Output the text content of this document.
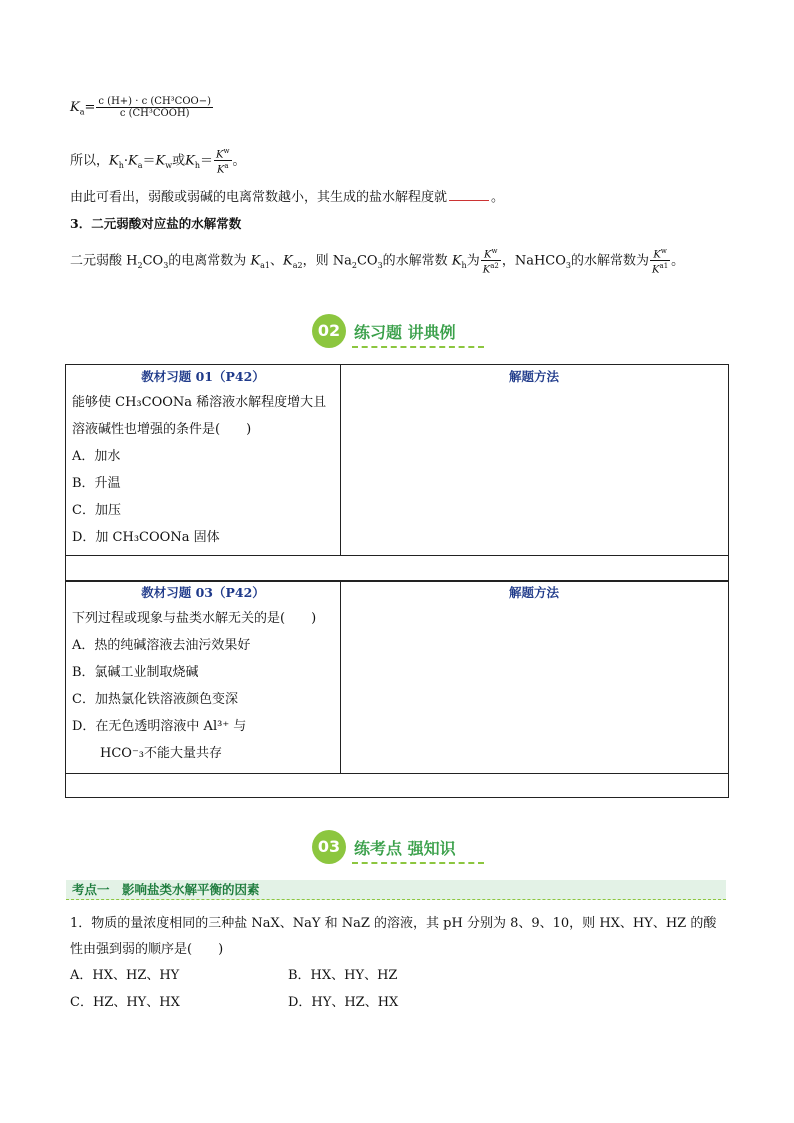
$K_a= \frac{\text{c (H+) · c (CH³COO−)}}{\text{c (CH³COOH)}}$
所以，$K_h\cdot K_a=K_w$或$K_h= \frac{K^w}{K^a}$ 。
由此可看出，弱酸或弱碱的电离常数越小，其生成的盐水解程度就	。
3．二元弱酸对应盐的水解常数
二元弱酸 $H_2CO_3$的电离常数为 $K_{a1}$、$K_{a2}$，则 $Na_2CO_3$的水解常数 $K_h$为 $\frac{K^w}{K^{a2}}$ ，NaHCO$_3$的水解常数为 $\frac{K^w}{K^{a1}}$ 。
02 练习题 讲典例
教材习题 01（P42）	解题方法
能够使 CH₃COONa 稀溶液水解程度增大且
溶液碱性也增强的条件是(　　)
A．加水
B．升温
C．加压
D．加 CH₃COONa 固体
教材习题 03（P42）	解题方法
下列过程或现象与盐类水解无关的是(　　)
A．热的纯碱溶液去油污效果好
B．氯碱工业制取烧碱
C．加热氯化铁溶液颜色变深
D．在无色透明溶液中 Al³⁺ 与
HCO⁻₃不能大量共存
03 练考点 强知识
考点一　影响盐类水解平衡的因素
1．物质的量浓度相同的三种盐 NaX、NaY 和 NaZ 的溶液，其 pH 分别为 8、9、10，则 HX、HY、HZ 的酸
性由强到弱的顺序是(　　)
A．HX、HZ、HY	B．HX、HY、HZ
C．HZ、HY、HX	D．HY、HZ、HX
